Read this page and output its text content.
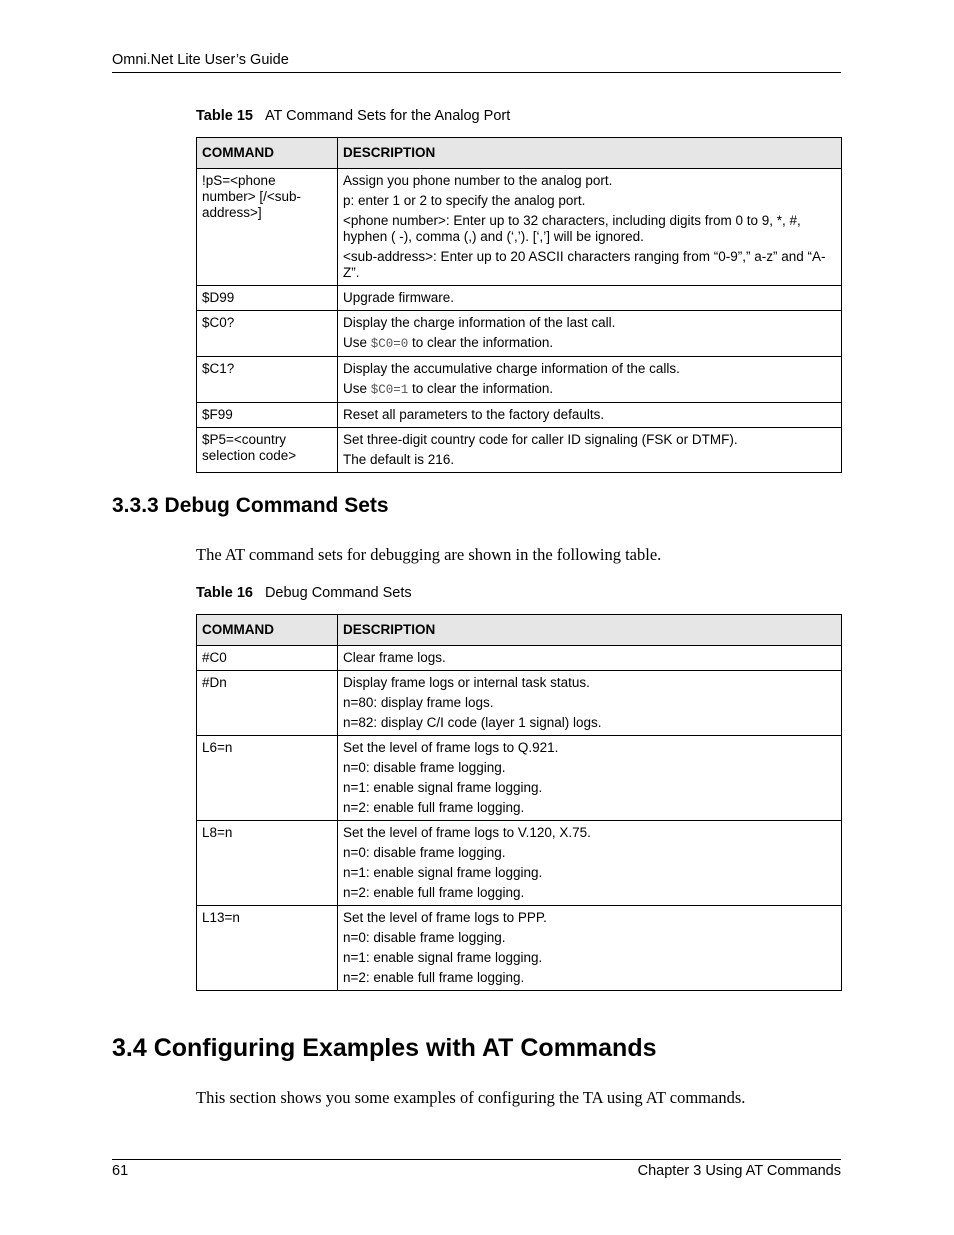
Omni.Net Lite User’s Guide
Table 15 AT Command Sets for the Analog Port
COMMAND	DESCRIPTION
!pS=<phone number> [/<sub-address>]	Assign you phone number to the analog port.
p: enter 1 or 2 to specify the analog port.
<phone number>: Enter up to 32 characters, including digits from 0 to 9, *, #, hyphen ( -), comma (,) and (‘,’). [‘,’] will be ignored.
<sub-address>: Enter up to 20 ASCII characters ranging from “0-9”,” a-z” and “A-Z”.

$D99	Upgrade firmware.

$C0?	Display the charge information of the last call.
Use $C0=0 to clear the information.

$C1?	Display the accumulative charge information of the calls.
Use $C0=1 to clear the information.

$F99	Reset all parameters to the factory defaults.

$P5=<country selection code>	Set three-digit country code for caller ID signaling (FSK or DTMF).
The default is 216.
3.3.3 Debug Command Sets

The AT command sets for debugging are shown in the following table.

Table 16 Debug Command Sets
COMMAND	DESCRIPTION
#C0	Clear frame logs.

#Dn	Display frame logs or internal task status.
n=80: display frame logs.
n=82: display C/I code (layer 1 signal) logs.

L6=n	Set the level of frame logs to Q.921.
n=0: disable frame logging.
n=1: enable signal frame logging.
n=2: enable full frame logging.

L8=n	Set the level of frame logs to V.120, X.75.
n=0: disable frame logging.
n=1: enable signal frame logging.
n=2: enable full frame logging.

L13=n	Set the level of frame logs to PPP.
n=0: disable frame logging.
n=1: enable signal frame logging.
n=2: enable full frame logging.
3.4 Configuring Examples with AT Commands

This section shows you some examples of configuring the TA using AT commands.

61	Chapter 3 Using AT Commands
